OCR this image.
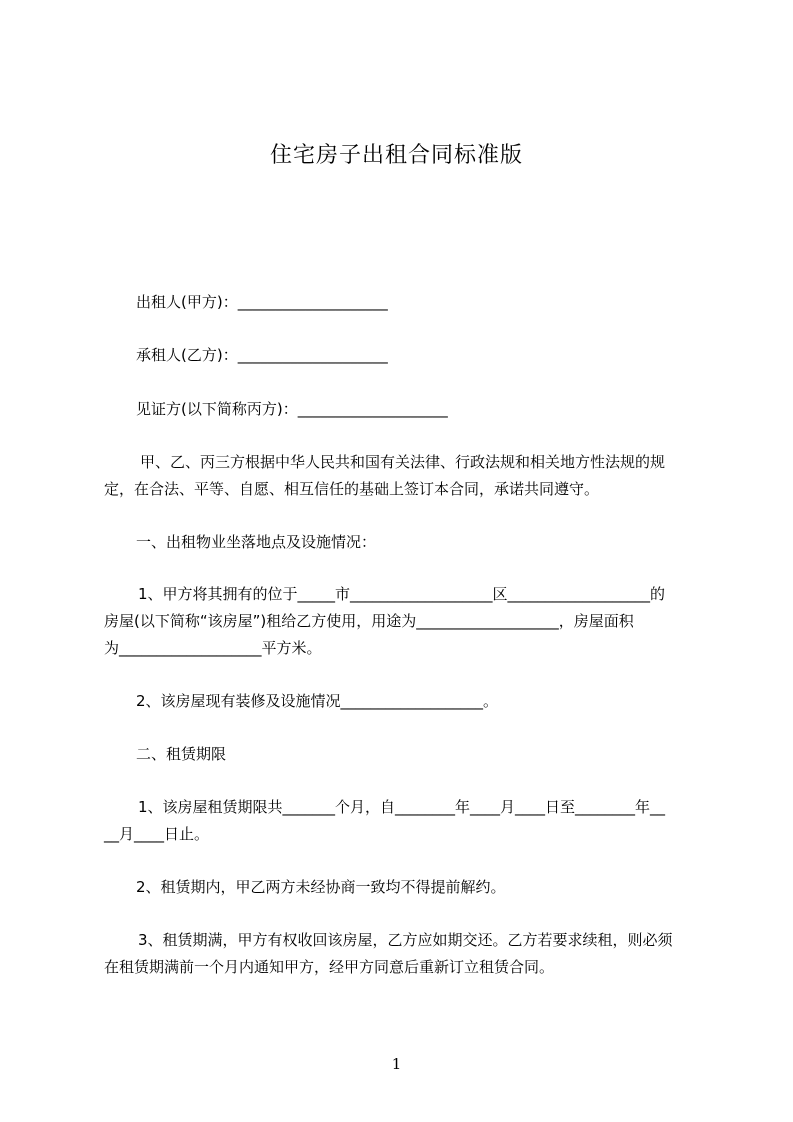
住宅房子出租合同标准版
出租人(甲方)：____________________
承租人(乙方)：____________________
见证方(以下简称丙方)：____________________
甲、乙、丙三方根据中华人民共和国有关法律、行政法规和相关地方性法规的规
定，在合法、平等、自愿、相互信任的基础上签订本合同，承诺共同遵守。
一、出租物业坐落地点及设施情况：
1、甲方将其拥有的位于_____市___________________区___________________的
房屋(以下简称“该房屋”)租给乙方使用，用途为___________________，房屋面积
为___________________平方米。
2、该房屋现有装修及设施情况___________________。
二、租赁期限
1、该房屋租赁期限共_______个月，自________年____月____日至________年__
__月____日止。
2、租赁期内，甲乙两方未经协商一致均不得提前解约。
3、租赁期满，甲方有权收回该房屋，乙方应如期交还。乙方若要求续租，则必须
在租赁期满前一个月内通知甲方，经甲方同意后重新订立租赁合同。
1
